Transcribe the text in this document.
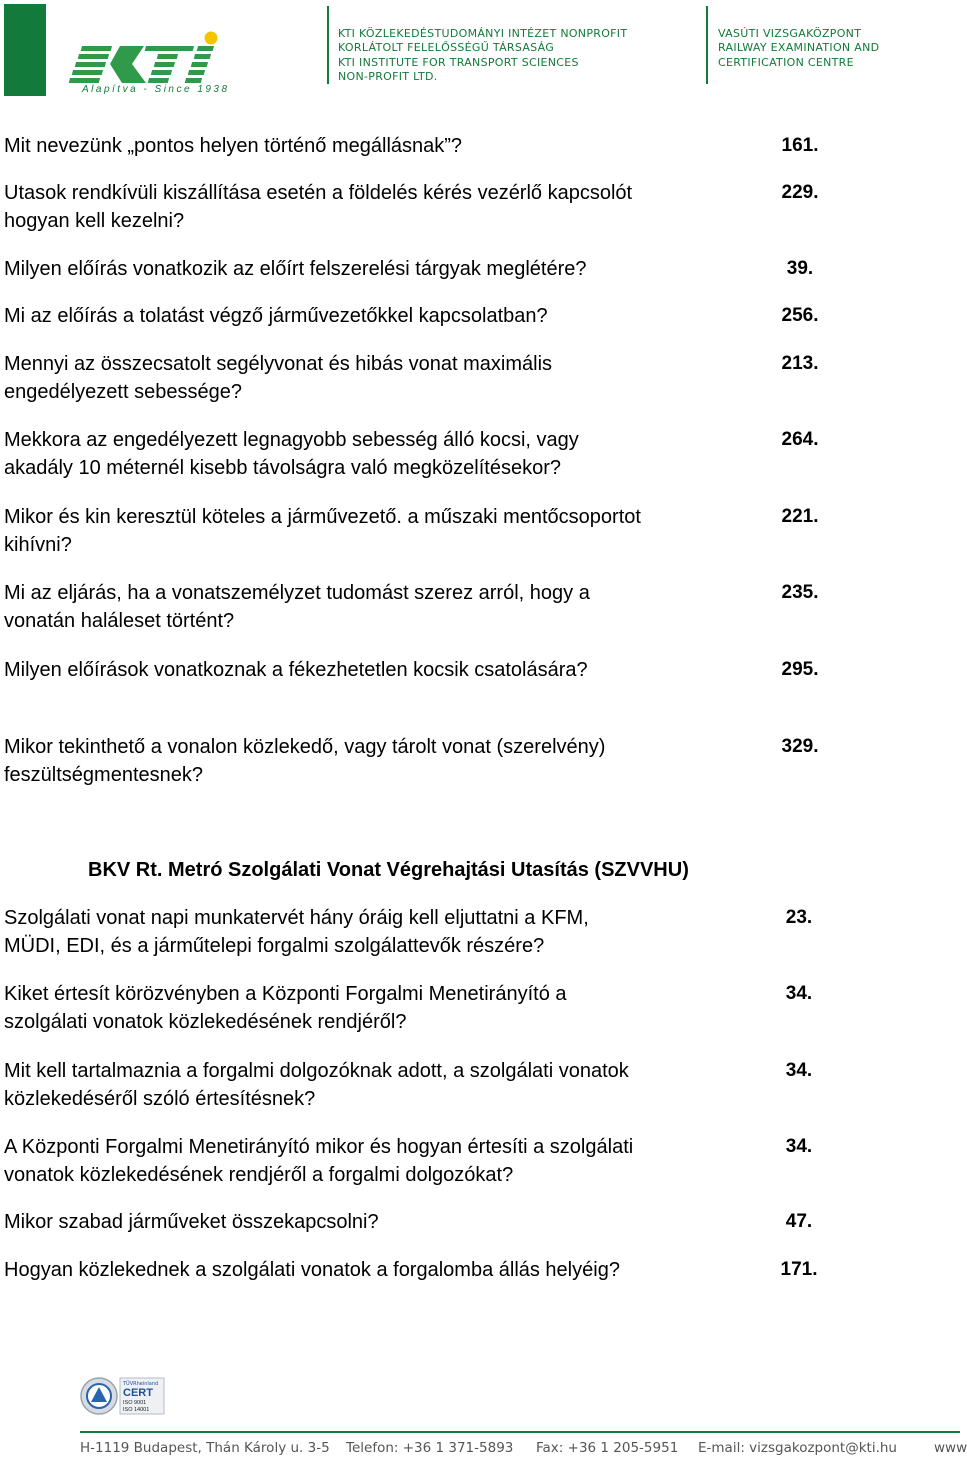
KTI
Alapítva - Since 1938
KTI KÖZLEKEDÉSTUDOMÁNYI INTÉZET NONPROFIT
KORLÁTOLT FELELŐSSÉGŰ TÁRSASÁG
KTI INSTITUTE FOR TRANSPORT SCIENCES
NON-PROFIT LTD.
VASÚTI VIZSGAKÖZPONT
RAILWAY EXAMINATION AND
CERTIFICATION CENTRE
Mit nevezünk „pontos helyen történő megállásnak”?	161.
Utasok rendkívüli kiszállítása esetén a földelés kérés vezérlő kapcsolót
hogyan kell kezelni?
229.
Milyen előírás vonatkozik az előírt felszerelési tárgyak meglétére?	39.
Mi az előírás a tolatást végző járművezetőkkel kapcsolatban?	256.
Mennyi az összecsatolt segélyvonat és hibás vonat maximális
engedélyezett sebessége?
213.
Mekkora az engedélyezett legnagyobb sebesség álló kocsi, vagy
akadály 10 méternél kisebb távolságra való megközelítésekor?
264.
Mikor és kin keresztül köteles a járművezető. a műszaki mentőcsoportot
kihívni?
221.
Mi az eljárás, ha a vonatszemélyzet tudomást szerez arról, hogy a
vonatán haláleset történt?
235.
Milyen előírások vonatkoznak a fékezhetetlen kocsik csatolására?	295.
Mikor tekinthető a vonalon közlekedő, vagy tárolt vonat (szerelvény)
feszültségmentesnek?
329.
BKV Rt. Metró Szolgálati Vonat Végrehajtási Utasítás (SZVVHU)
Szolgálati vonat napi munkatervét hány óráig kell eljuttatni a KFM,
MÜDI, EDI, és a járműtelepi forgalmi szolgálattevők részére?
23.
Kiket értesít körözvényben a Központi Forgalmi Menetirányító a
szolgálati vonatok közlekedésének rendjéről?
34.
Mit kell tartalmaznia a forgalmi dolgozóknak adott, a szolgálati vonatok
közlekedéséről szóló értesítésnek?
34.
A Központi Forgalmi Menetirányító mikor és hogyan értesíti a szolgálati
vonatok közlekedésének rendjéről a forgalmi dolgozókat?
34.
Mikor szabad járműveket összekapcsolni?	47.
Hogyan közlekednek a szolgálati vonatok a forgalomba állás helyéig?	171.
TÜVRheinland
CERT
ISO 9001
ISO 14001
H-1119 Budapest, Thán Károly u. 3-5 Telefon: +36 1 371-5893 Fax: +36 1 205-5951 E-mail: vizsgakozpont@kti.hu	www
